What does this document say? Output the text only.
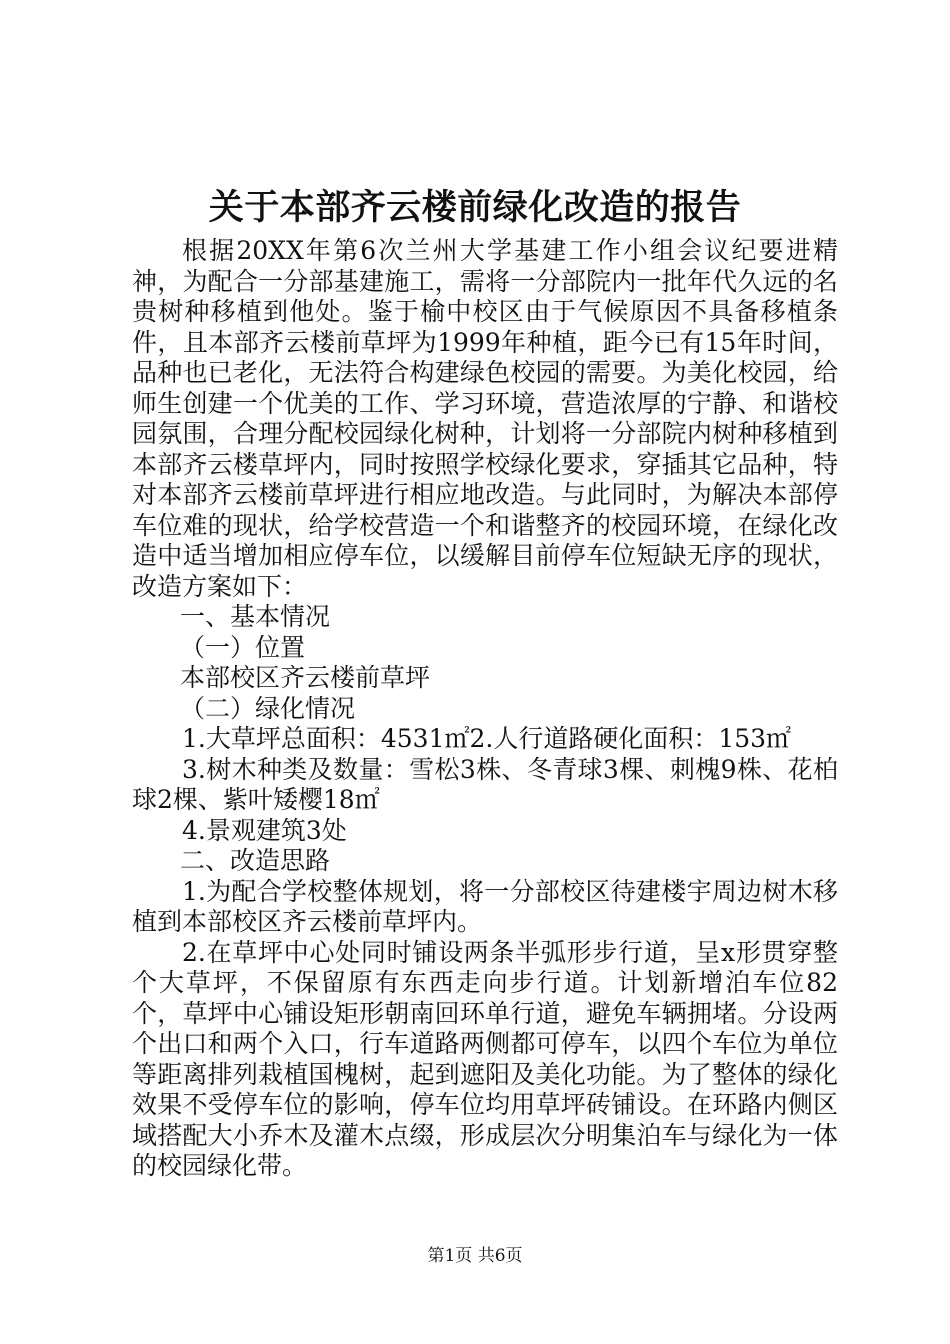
关于本部齐云楼前绿化改造的报告

根据20XX年第6次兰州大学基建工作小组会议纪要进精神，为配合一分部基建施工，需将一分部院内一批年代久远的名贵树种移植到他处。鉴于榆中校区由于气候原因不具备移植条件，且本部齐云楼前草坪为1999年种植，距今已有15年时间，品种也已老化，无法符合构建绿色校园的需要。为美化校园，给师生创建一个优美的工作、学习环境，营造浓厚的宁静、和谐校园氛围，合理分配校园绿化树种，计划将一分部院内树种移植到本部齐云楼草坪内，同时按照学校绿化要求，穿插其它品种，特对本部齐云楼前草坪进行相应地改造。与此同时，为解决本部停车位难的现状，给学校营造一个和谐整齐的校园环境，在绿化改造中适当增加相应停车位，以缓解目前停车位短缺无序的现状，改造方案如下：

一、基本情况

（一）位置

本部校区齐云楼前草坪

（二）绿化情况

1.大草坪总面积：4531㎡2.人行道路硬化面积：153㎡

3.树木种类及数量：雪松3株、冬青球3棵、刺槐9株、花柏球2棵、紫叶矮樱18㎡

4.景观建筑3处

二、改造思路

1.为配合学校整体规划，将一分部校区待建楼宇周边树木移植到本部校区齐云楼前草坪内。

2.在草坪中心处同时铺设两条半弧形步行道，呈x形贯穿整个大草坪，不保留原有东西走向步行道。计划新增泊车位82个，草坪中心铺设矩形朝南回环单行道，避免车辆拥堵。分设两个出口和两个入口，行车道路两侧都可停车，以四个车位为单位等距离排列栽植国槐树，起到遮阳及美化功能。为了整体的绿化效果不受停车位的影响，停车位均用草坪砖铺设。在环路内侧区域搭配大小乔木及灌木点缀，形成层次分明集泊车与绿化为一体的校园绿化带。

第1页 共6页
